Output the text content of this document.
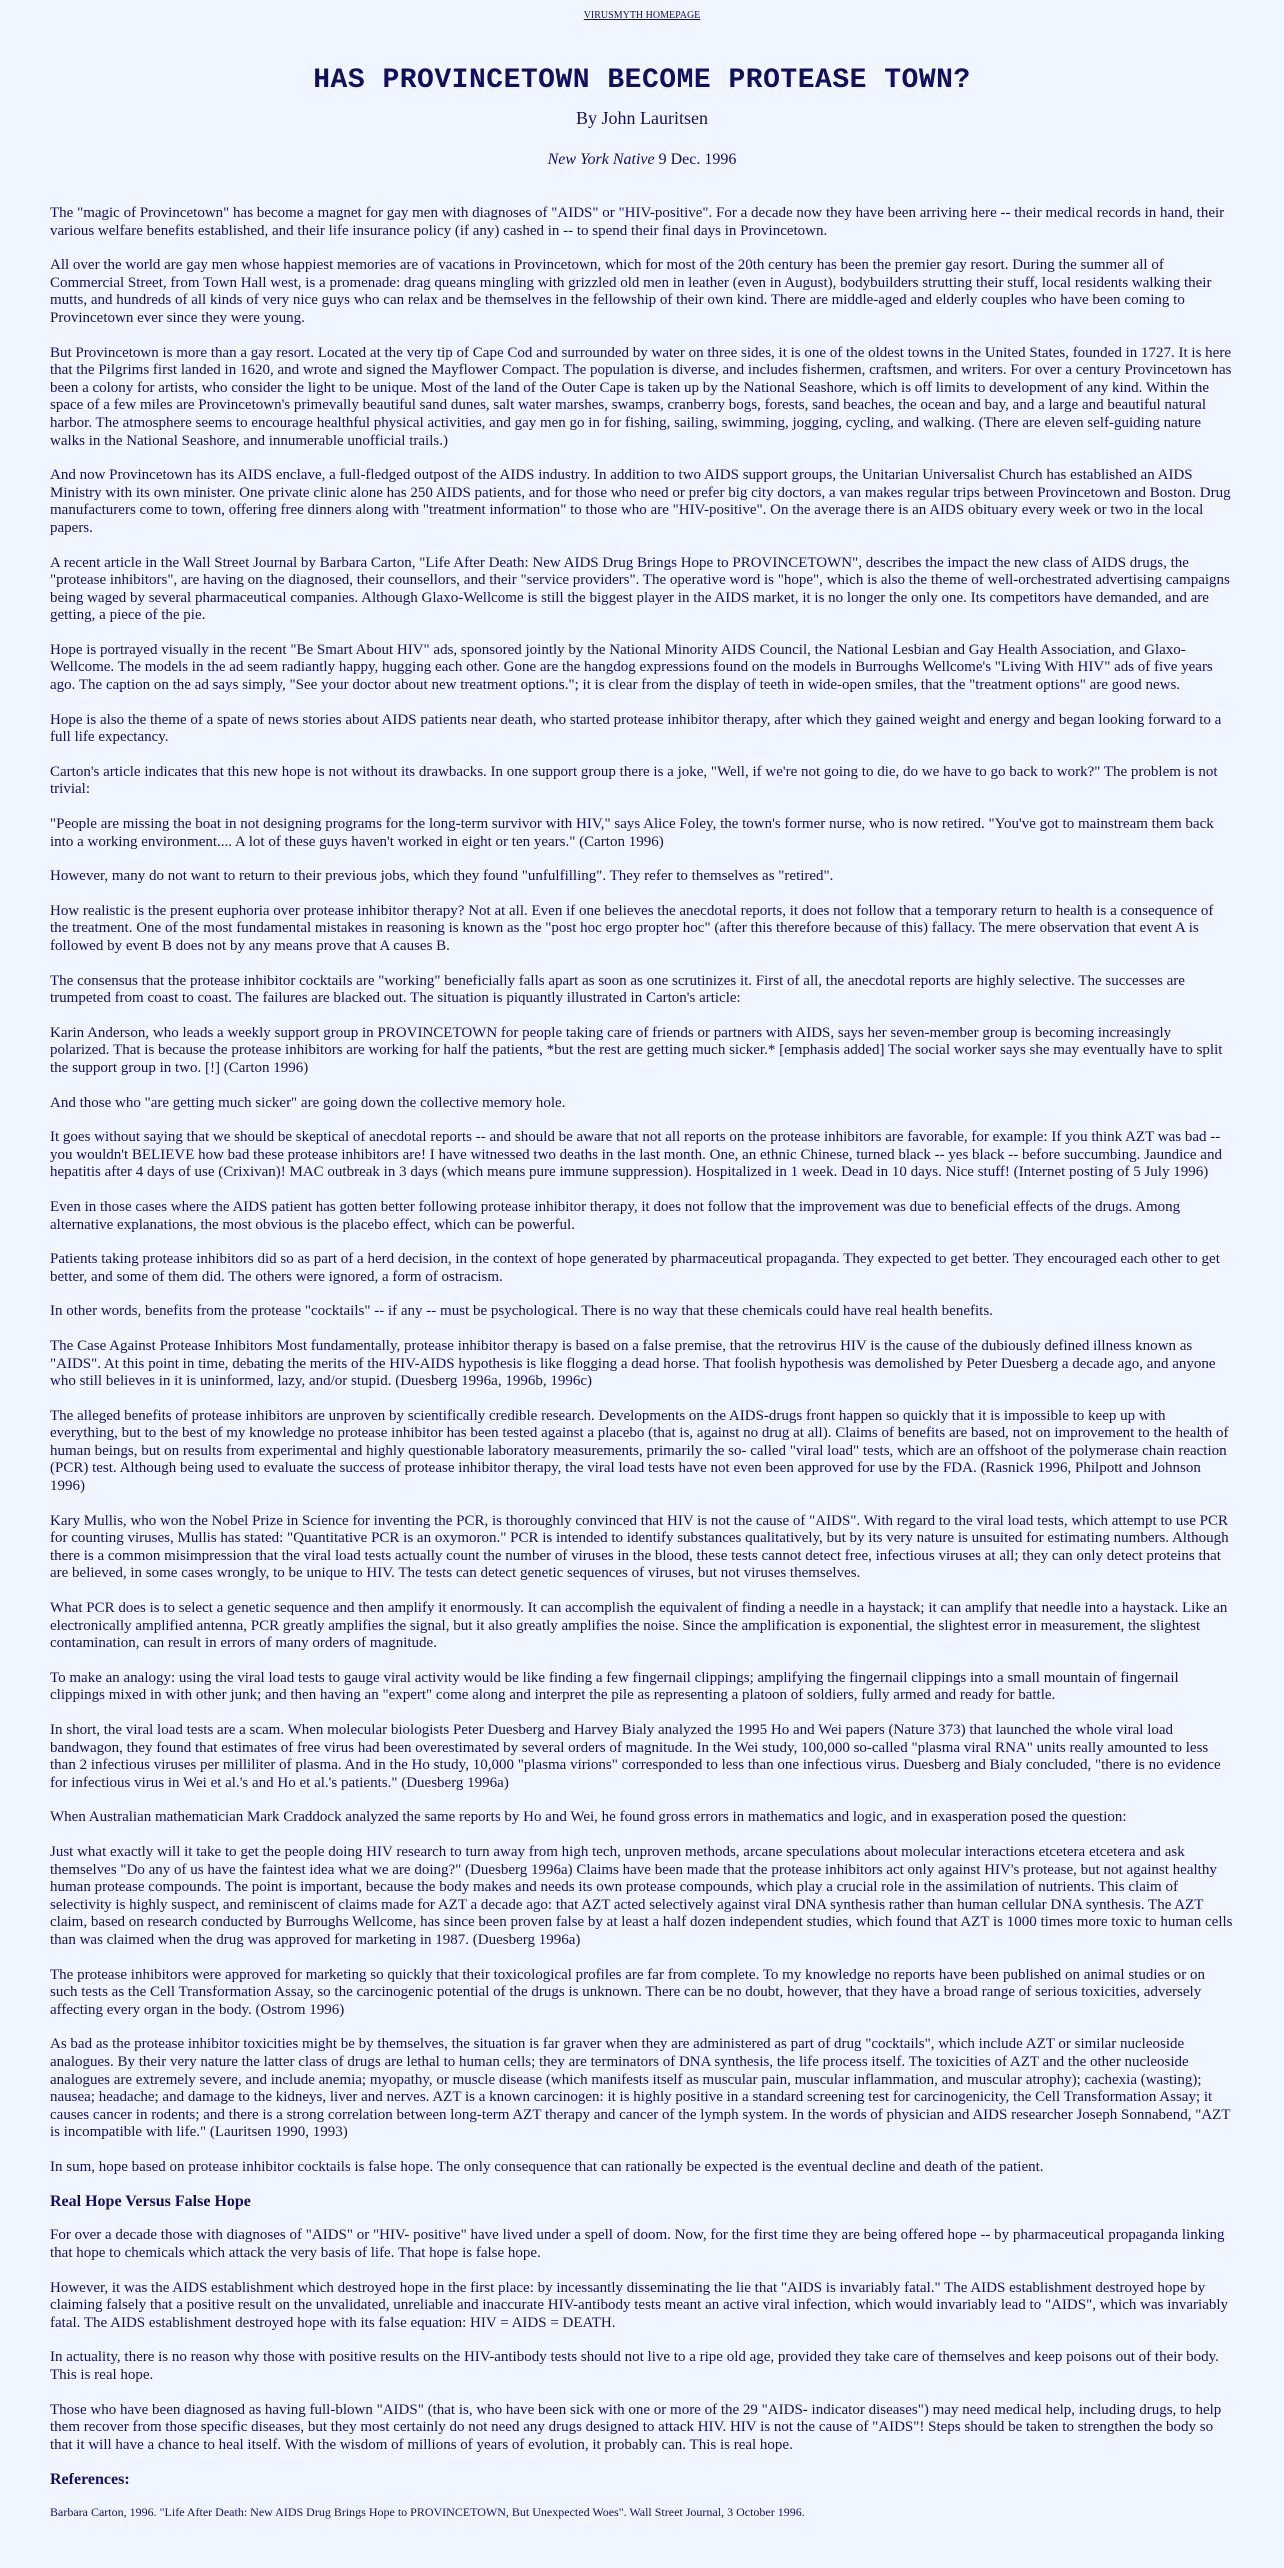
VIRUSMYTH HOMEPAGE
HAS PROVINCETOWN BECOME PROTEASE TOWN?
By John Lauritsen
New York Native 9 Dec. 1996

The "magic of Provincetown" has become a magnet for gay men with diagnoses of "AIDS" or "HIV-positive". For a decade now they have been arriving here -- their medical records in hand, their various welfare benefits established, and their life insurance policy (if any) cashed in -- to spend their final days in Provincetown.

All over the world are gay men whose happiest memories are of vacations in Provincetown, which for most of the 20th century has been the premier gay resort. During the summer all of Commercial Street, from Town Hall west, is a promenade: drag queans mingling with grizzled old men in leather (even in August), bodybuilders strutting their stuff, local residents walking their mutts, and hundreds of all kinds of very nice guys who can relax and be themselves in the fellowship of their own kind. There are middle-aged and elderly couples who have been coming to Provincetown ever since they were young.

But Provincetown is more than a gay resort. Located at the very tip of Cape Cod and surrounded by water on three sides, it is one of the oldest towns in the United States, founded in 1727. It is here that the Pilgrims first landed in 1620, and wrote and signed the Mayflower Compact. The population is diverse, and includes fishermen, craftsmen, and writers. For over a century Provincetown has been a colony for artists, who consider the light to be unique. Most of the land of the Outer Cape is taken up by the National Seashore, which is off limits to development of any kind. Within the space of a few miles are Provincetown's primevally beautiful sand dunes, salt water marshes, swamps, cranberry bogs, forests, sand beaches, the ocean and bay, and a large and beautiful natural harbor. The atmosphere seems to encourage healthful physical activities, and gay men go in for fishing, sailing, swimming, jogging, cycling, and walking. (There are eleven self-guiding nature walks in the National Seashore, and innumerable unofficial trails.)

And now Provincetown has its AIDS enclave, a full-fledged outpost of the AIDS industry. In addition to two AIDS support groups, the Unitarian Universalist Church has established an AIDS Ministry with its own minister. One private clinic alone has 250 AIDS patients, and for those who need or prefer big city doctors, a van makes regular trips between Provincetown and Boston. Drug manufacturers come to town, offering free dinners along with "treatment information" to those who are "HIV-positive". On the average there is an AIDS obituary every week or two in the local papers.

A recent article in the Wall Street Journal by Barbara Carton, "Life After Death: New AIDS Drug Brings Hope to PROVINCETOWN", describes the impact the new class of AIDS drugs, the "protease inhibitors", are having on the diagnosed, their counsellors, and their "service providers". The operative word is "hope", which is also the theme of well-orchestrated advertising campaigns being waged by several pharmaceutical companies. Although Glaxo-Wellcome is still the biggest player in the AIDS market, it is no longer the only one. Its competitors have demanded, and are getting, a piece of the pie.

Hope is portrayed visually in the recent "Be Smart About HIV" ads, sponsored jointly by the National Minority AIDS Council, the National Lesbian and Gay Health Association, and Glaxo- Wellcome. The models in the ad seem radiantly happy, hugging each other. Gone are the hangdog expressions found on the models in Burroughs Wellcome's "Living With HIV" ads of five years ago. The caption on the ad says simply, "See your doctor about new treatment options."; it is clear from the display of teeth in wide-open smiles, that the "treatment options" are good news.

Hope is also the theme of a spate of news stories about AIDS patients near death, who started protease inhibitor therapy, after which they gained weight and energy and began looking forward to a full life expectancy.

Carton's article indicates that this new hope is not without its drawbacks. In one support group there is a joke, "Well, if we're not going to die, do we have to go back to work?" The problem is not trivial:

"People are missing the boat in not designing programs for the long-term survivor with HIV," says Alice Foley, the town's former nurse, who is now retired. "You've got to mainstream them back into a working environment.... A lot of these guys haven't worked in eight or ten years." (Carton 1996)

However, many do not want to return to their previous jobs, which they found "unfulfilling". They refer to themselves as "retired".

How realistic is the present euphoria over protease inhibitor therapy? Not at all. Even if one believes the anecdotal reports, it does not follow that a temporary return to health is a consequence of the treatment. One of the most fundamental mistakes in reasoning is known as the "post hoc ergo propter hoc" (after this therefore because of this) fallacy. The mere observation that event A is followed by event B does not by any means prove that A causes B.

The consensus that the protease inhibitor cocktails are "working" beneficially falls apart as soon as one scrutinizes it. First of all, the anecdotal reports are highly selective. The successes are trumpeted from coast to coast. The failures are blacked out. The situation is piquantly illustrated in Carton's article:

Karin Anderson, who leads a weekly support group in PROVINCETOWN for people taking care of friends or partners with AIDS, says her seven-member group is becoming increasingly polarized. That is because the protease inhibitors are working for half the patients, *but the rest are getting much sicker.* [emphasis added] The social worker says she may eventually have to split the support group in two. [!] (Carton 1996)

And those who "are getting much sicker" are going down the collective memory hole.

It goes without saying that we should be skeptical of anecdotal reports -- and should be aware that not all reports on the protease inhibitors are favorable, for example: If you think AZT was bad -- you wouldn't BELIEVE how bad these protease inhibitors are! I have witnessed two deaths in the last month. One, an ethnic Chinese, turned black -- yes black -- before succumbing. Jaundice and hepatitis after 4 days of use (Crixivan)! MAC outbreak in 3 days (which means pure immune suppression). Hospitalized in 1 week. Dead in 10 days. Nice stuff! (Internet posting of 5 July 1996)

Even in those cases where the AIDS patient has gotten better following protease inhibitor therapy, it does not follow that the improvement was due to beneficial effects of the drugs. Among alternative explanations, the most obvious is the placebo effect, which can be powerful.

Patients taking protease inhibitors did so as part of a herd decision, in the context of hope generated by pharmaceutical propaganda. They expected to get better. They encouraged each other to get better, and some of them did. The others were ignored, a form of ostracism.

In other words, benefits from the protease "cocktails" -- if any -- must be psychological. There is no way that these chemicals could have real health benefits.

The Case Against Protease Inhibitors Most fundamentally, protease inhibitor therapy is based on a false premise, that the retrovirus HIV is the cause of the dubiously defined illness known as "AIDS". At this point in time, debating the merits of the HIV-AIDS hypothesis is like flogging a dead horse. That foolish hypothesis was demolished by Peter Duesberg a decade ago, and anyone who still believes in it is uninformed, lazy, and/or stupid. (Duesberg 1996a, 1996b, 1996c)

The alleged benefits of protease inhibitors are unproven by scientifically credible research. Developments on the AIDS-drugs front happen so quickly that it is impossible to keep up with everything, but to the best of my knowledge no protease inhibitor has been tested against a placebo (that is, against no drug at all). Claims of benefits are based, not on improvement to the health of human beings, but on results from experimental and highly questionable laboratory measurements, primarily the so- called "viral load" tests, which are an offshoot of the polymerase chain reaction (PCR) test. Although being used to evaluate the success of protease inhibitor therapy, the viral load tests have not even been approved for use by the FDA. (Rasnick 1996, Philpott and Johnson 1996)

Kary Mullis, who won the Nobel Prize in Science for inventing the PCR, is thoroughly convinced that HIV is not the cause of "AIDS". With regard to the viral load tests, which attempt to use PCR for counting viruses, Mullis has stated: "Quantitative PCR is an oxymoron." PCR is intended to identify substances qualitatively, but by its very nature is unsuited for estimating numbers. Although there is a common misimpression that the viral load tests actually count the number of viruses in the blood, these tests cannot detect free, infectious viruses at all; they can only detect proteins that are believed, in some cases wrongly, to be unique to HIV. The tests can detect genetic sequences of viruses, but not viruses themselves.

What PCR does is to select a genetic sequence and then amplify it enormously. It can accomplish the equivalent of finding a needle in a haystack; it can amplify that needle into a haystack. Like an electronically amplified antenna, PCR greatly amplifies the signal, but it also greatly amplifies the noise. Since the amplification is exponential, the slightest error in measurement, the slightest contamination, can result in errors of many orders of magnitude.

To make an analogy: using the viral load tests to gauge viral activity would be like finding a few fingernail clippings; amplifying the fingernail clippings into a small mountain of fingernail clippings mixed in with other junk; and then having an "expert" come along and interpret the pile as representing a platoon of soldiers, fully armed and ready for battle.

In short, the viral load tests are a scam. When molecular biologists Peter Duesberg and Harvey Bialy analyzed the 1995 Ho and Wei papers (Nature 373) that launched the whole viral load bandwagon, they found that estimates of free virus had been overestimated by several orders of magnitude. In the Wei study, 100,000 so-called "plasma viral RNA" units really amounted to less than 2 infectious viruses per milliliter of plasma. And in the Ho study, 10,000 "plasma virions" corresponded to less than one infectious virus. Duesberg and Bialy concluded, "there is no evidence for infectious virus in Wei et al.'s and Ho et al.'s patients." (Duesberg 1996a)

When Australian mathematician Mark Craddock analyzed the same reports by Ho and Wei, he found gross errors in mathematics and logic, and in exasperation posed the question:

Just what exactly will it take to get the people doing HIV research to turn away from high tech, unproven methods, arcane speculations about molecular interactions etcetera etcetera and ask themselves "Do any of us have the faintest idea what we are doing?" (Duesberg 1996a) Claims have been made that the protease inhibitors act only against HIV's protease, but not against healthy human protease compounds. The point is important, because the body makes and needs its own protease compounds, which play a crucial role in the assimilation of nutrients. This claim of selectivity is highly suspect, and reminiscent of claims made for AZT a decade ago: that AZT acted selectively against viral DNA synthesis rather than human cellular DNA synthesis. The AZT claim, based on research conducted by Burroughs Wellcome, has since been proven false by at least a half dozen independent studies, which found that AZT is 1000 times more toxic to human cells than was claimed when the drug was approved for marketing in 1987. (Duesberg 1996a)

The protease inhibitors were approved for marketing so quickly that their toxicological profiles are far from complete. To my knowledge no reports have been published on animal studies or on such tests as the Cell Transformation Assay, so the carcinogenic potential of the drugs is unknown. There can be no doubt, however, that they have a broad range of serious toxicities, adversely affecting every organ in the body. (Ostrom 1996)

As bad as the protease inhibitor toxicities might be by themselves, the situation is far graver when they are administered as part of drug "cocktails", which include AZT or similar nucleoside analogues. By their very nature the latter class of drugs are lethal to human cells; they are terminators of DNA synthesis, the life process itself. The toxicities of AZT and the other nucleoside analogues are extremely severe, and include anemia; myopathy, or muscle disease (which manifests itself as muscular pain, muscular inflammation, and muscular atrophy); cachexia (wasting); nausea; headache; and damage to the kidneys, liver and nerves. AZT is a known carcinogen: it is highly positive in a standard screening test for carcinogenicity, the Cell Transformation Assay; it causes cancer in rodents; and there is a strong correlation between long-term AZT therapy and cancer of the lymph system. In the words of physician and AIDS researcher Joseph Sonnabend, "AZT is incompatible with life." (Lauritsen 1990, 1993)

In sum, hope based on protease inhibitor cocktails is false hope. The only consequence that can rationally be expected is the eventual decline and death of the patient.

Real Hope Versus False Hope

For over a decade those with diagnoses of "AIDS" or "HIV- positive" have lived under a spell of doom. Now, for the first time they are being offered hope -- by pharmaceutical propaganda linking that hope to chemicals which attack the very basis of life. That hope is false hope.

However, it was the AIDS establishment which destroyed hope in the first place: by incessantly disseminating the lie that "AIDS is invariably fatal." The AIDS establishment destroyed hope by claiming falsely that a positive result on the unvalidated, unreliable and inaccurate HIV-antibody tests meant an active viral infection, which would invariably lead to "AIDS", which was invariably fatal. The AIDS establishment destroyed hope with its false equation: HIV = AIDS = DEATH.

In actuality, there is no reason why those with positive results on the HIV-antibody tests should not live to a ripe old age, provided they take care of themselves and keep poisons out of their body. This is real hope.

Those who have been diagnosed as having full-blown "AIDS" (that is, who have been sick with one or more of the 29 "AIDS- indicator diseases") may need medical help, including drugs, to help them recover from those specific diseases, but they most certainly do not need any drugs designed to attack HIV. HIV is not the cause of "AIDS"! Steps should be taken to strengthen the body so that it will have a chance to heal itself. With the wisdom of millions of years of evolution, it probably can. This is real hope.

References:

Barbara Carton, 1996. "Life After Death: New AIDS Drug Brings Hope to PROVINCETOWN, But Unexpected Woes". Wall Street Journal, 3 October 1996.
